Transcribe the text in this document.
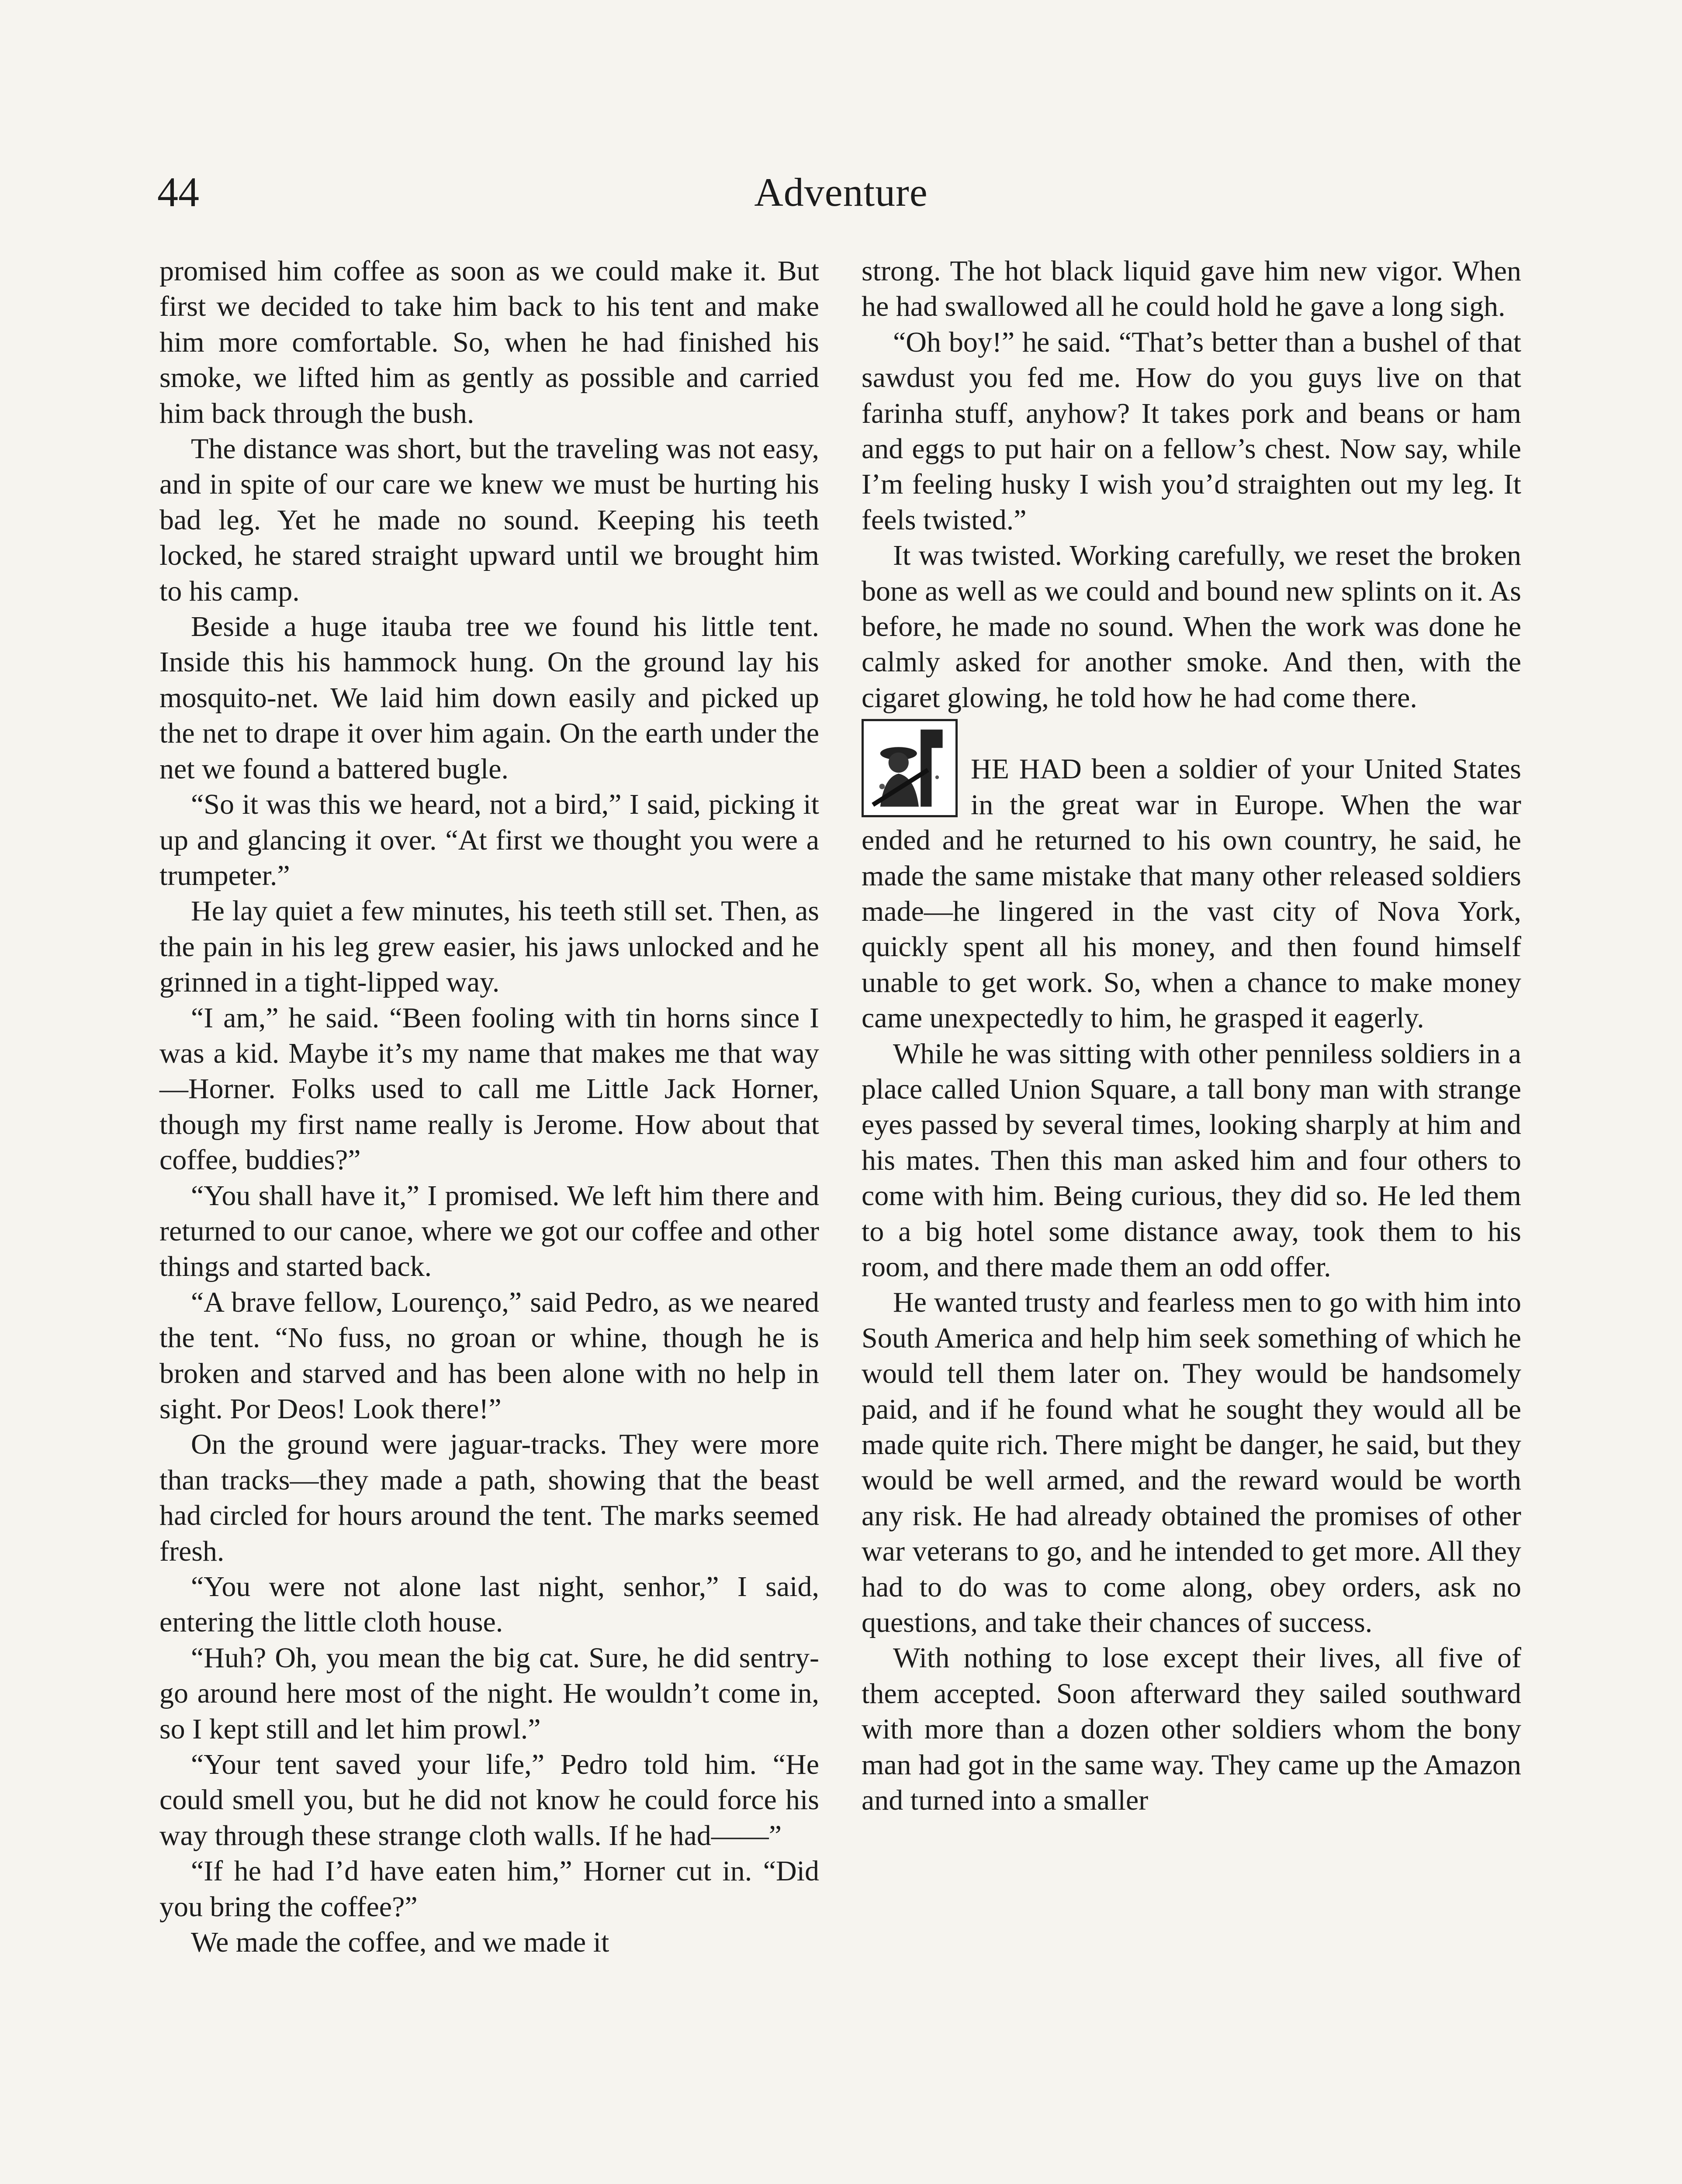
44	Adventure

promised him coffee as soon as we could make it. But first we decided to take him back to his tent and make him more comfortable. So, when he had finished his smoke, we lifted him as gently as possible and carried him back through the bush.

The distance was short, but the traveling was not easy, and in spite of our care we knew we must be hurting his bad leg. Yet he made no sound. Keeping his teeth locked, he stared straight upward until we brought him to his camp.

Beside a huge itauba tree we found his little tent. Inside this his hammock hung. On the ground lay his mosquito-net. We laid him down easily and picked up the net to drape it over him again. On the earth under the net we found a battered bugle.

“So it was this we heard, not a bird,” I said, picking it up and glancing it over. “At first we thought you were a trumpeter.”

He lay quiet a few minutes, his teeth still set. Then, as the pain in his leg grew easier, his jaws unlocked and he grinned in a tight-lipped way.

“I am,” he said. “Been fooling with tin horns since I was a kid. Maybe it’s my name that makes me that way—Horner. Folks used to call me Little Jack Horner, though my first name really is Jerome. How about that coffee, buddies?”

“You shall have it,” I promised. We left him there and returned to our canoe, where we got our coffee and other things and started back.

“A brave fellow, Lourenço,” said Pedro, as we neared the tent. “No fuss, no groan or whine, though he is broken and starved and has been alone with no help in sight. Por Deos! Look there!”

On the ground were jaguar-tracks. They were more than tracks—they made a path, showing that the beast had circled for hours around the tent. The marks seemed fresh.

“You were not alone last night, senhor,” I said, entering the little cloth house.

“Huh? Oh, you mean the big cat. Sure, he did sentry-go around here most of the night. He wouldn’t come in, so I kept still and let him prowl.”

“Your tent saved your life,” Pedro told him. “He could smell you, but he did not know he could force his way through these strange cloth walls. If he had——”

“If he had I’d have eaten him,” Horner cut in. “Did you bring the coffee?”

We made the coffee, and we made it

strong. The hot black liquid gave him new vigor. When he had swallowed all he could hold he gave a long sigh.

“Oh boy!” he said. “That’s better than a bushel of that sawdust you fed me. How do you guys live on that farinha stuff, anyhow? It takes pork and beans or ham and eggs to put hair on a fellow’s chest. Now say, while I’m feeling husky I wish you’d straighten out my leg. It feels twisted.”

It was twisted. Working carefully, we reset the broken bone as well as we could and bound new splints on it. As before, he made no sound. When the work was done he calmly asked for another smoke. And then, with the cigaret glowing, he told how he had come there.

HE HAD been a soldier of your United States in the great war in Europe. When the war ended and he returned to his own country, he said, he made the same mistake that many other released soldiers made—he lingered in the vast city of Nova York, quickly spent all his money, and then found himself unable to get work. So, when a chance to make money came unexpectedly to him, he grasped it eagerly.

While he was sitting with other penniless soldiers in a place called Union Square, a tall bony man with strange eyes passed by several times, looking sharply at him and his mates. Then this man asked him and four others to come with him. Being curious, they did so. He led them to a big hotel some distance away, took them to his room, and there made them an odd offer.

He wanted trusty and fearless men to go with him into South America and help him seek something of which he would tell them later on. They would be handsomely paid, and if he found what he sought they would all be made quite rich. There might be danger, he said, but they would be well armed, and the reward would be worth any risk. He had already obtained the promises of other war veterans to go, and he intended to get more. All they had to do was to come along, obey orders, ask no questions, and take their chances of success.

With nothing to lose except their lives, all five of them accepted. Soon afterward they sailed southward with more than a dozen other soldiers whom the bony man had got in the same way. They came up the Amazon and turned into a smaller
